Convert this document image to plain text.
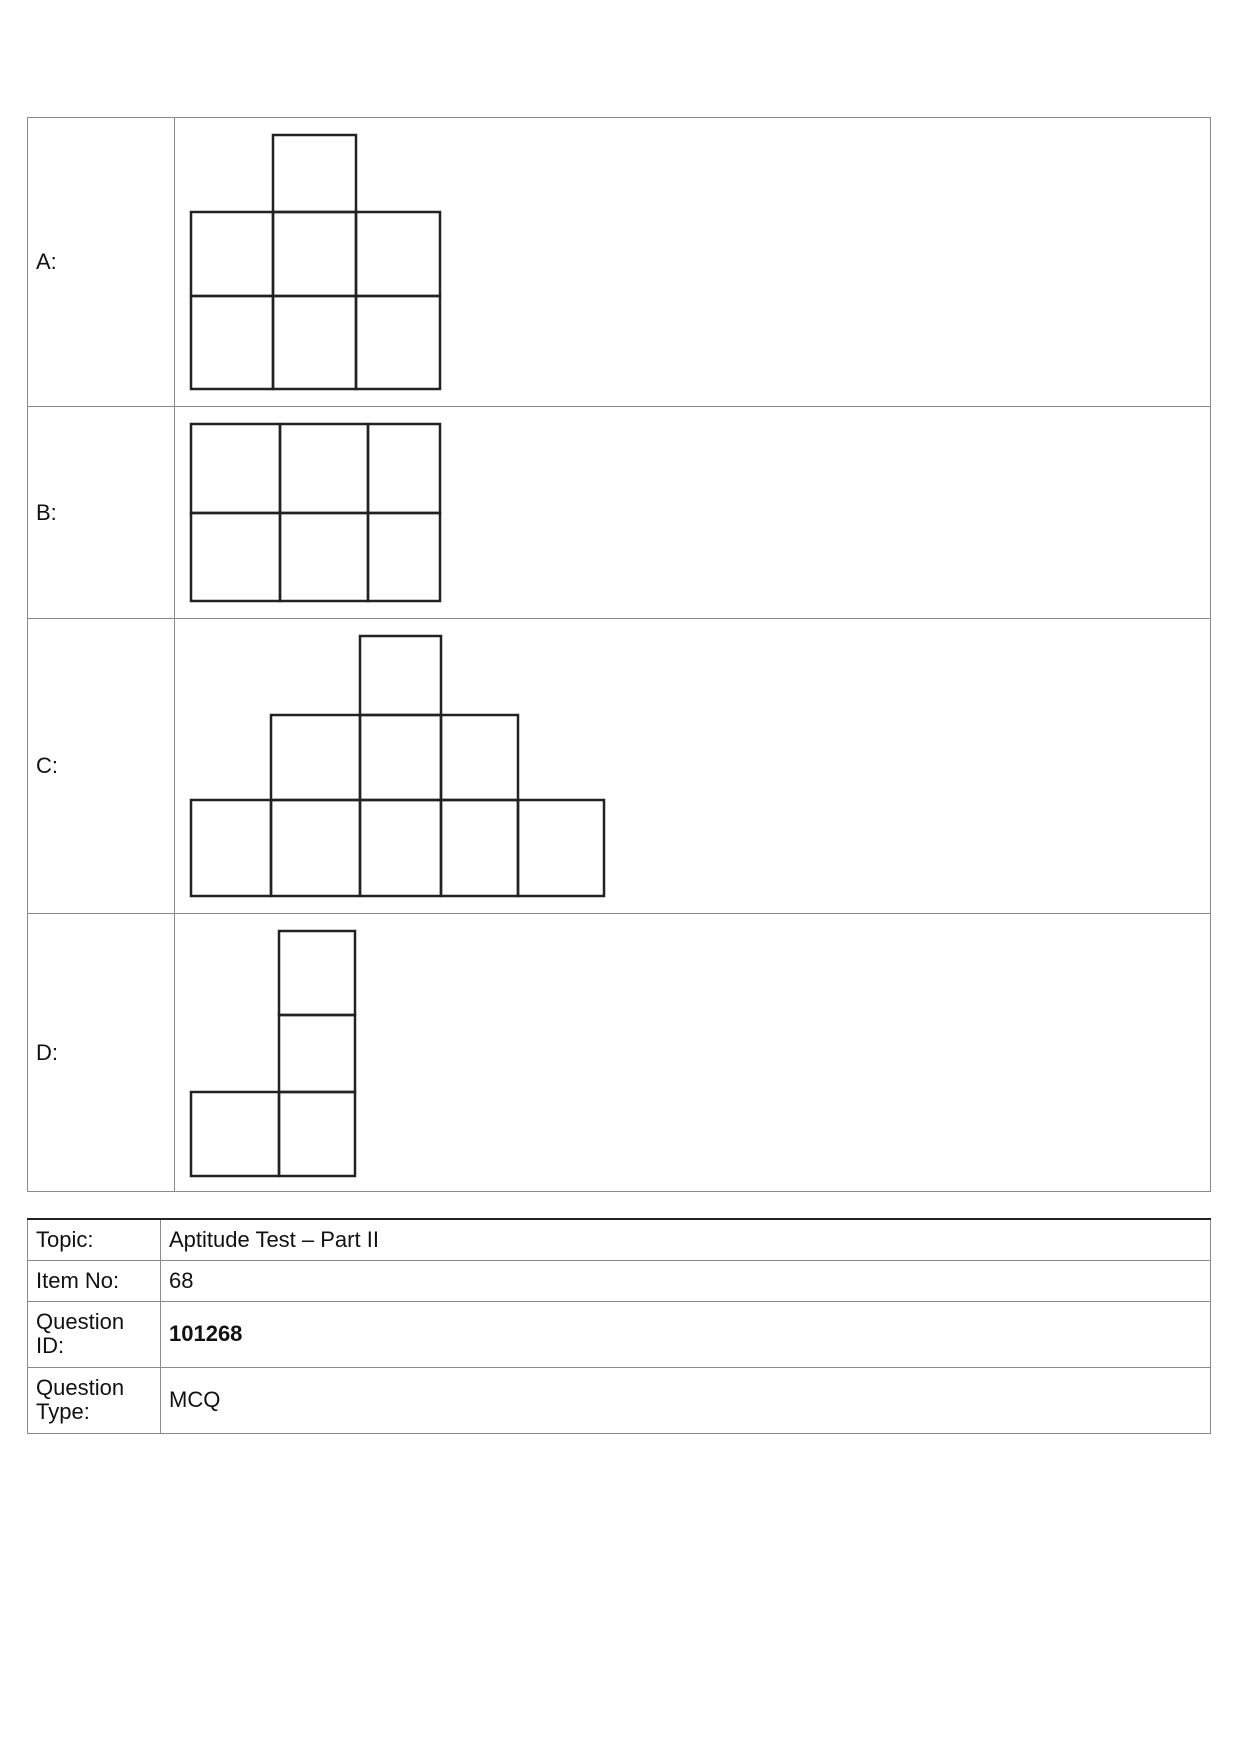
A:	

B:	

C:	

D:	
Topic:	Aptitude Test – Part II
Item No:	68
Question
ID:	101268
Question
Type:	MCQ
